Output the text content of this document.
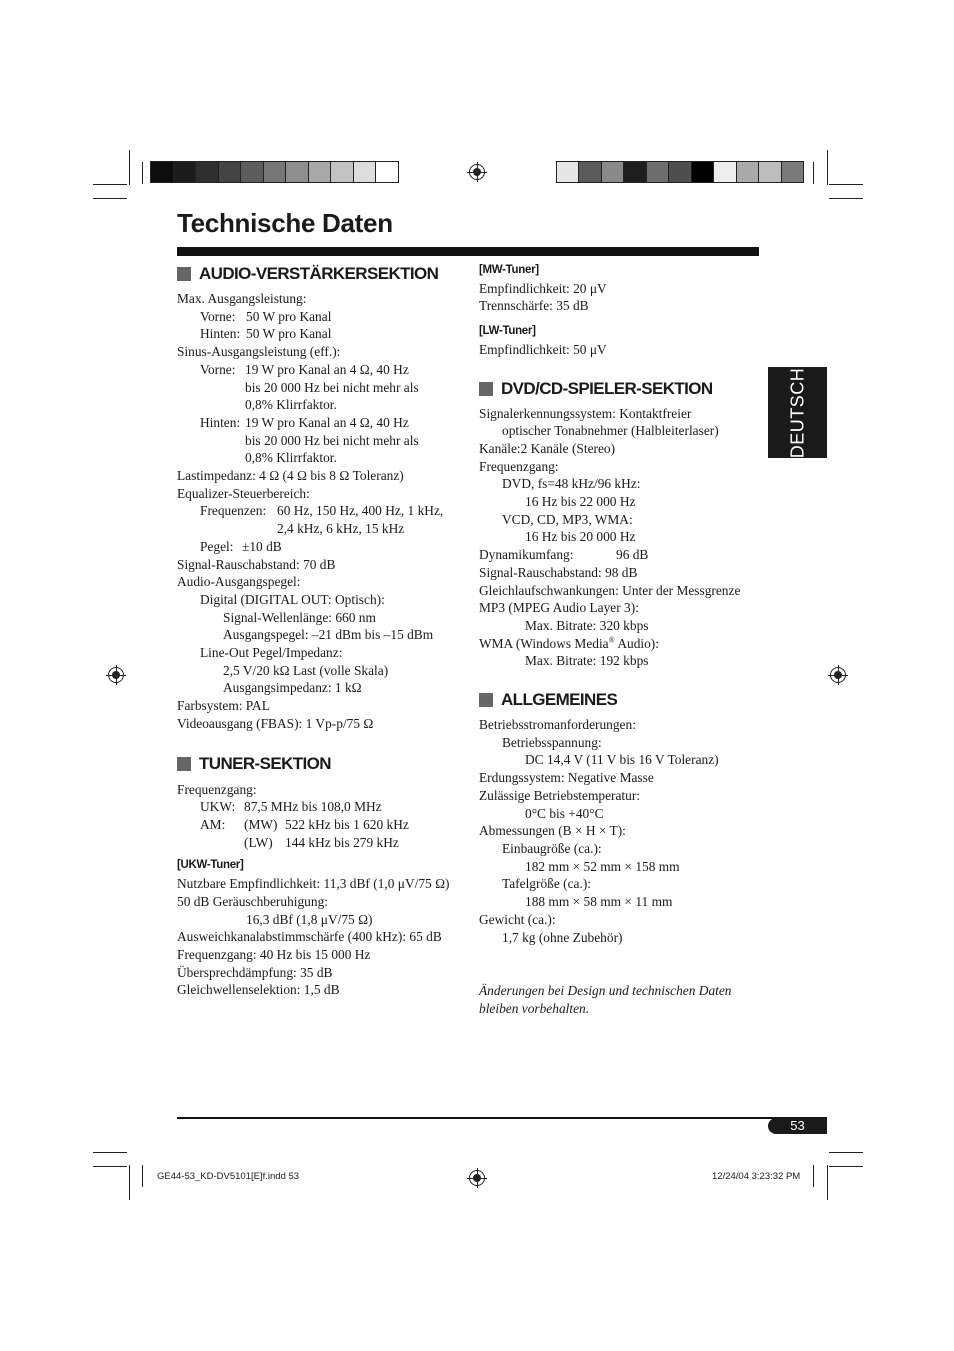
Technische Daten
DEUTSCH

AUDIO-VERSTÄRKERSEKTION

Max. Ausgangsleistung:

Vorne: 50 W pro Kanal

Hinten: 50 W pro Kanal

Sinus-Ausgangsleistung (eff.):

Vorne: 19 W pro Kanal an 4 Ω, 40 Hz

bis 20 000 Hz bei nicht mehr als

0,8% Klirrfaktor.

Hinten: 19 W pro Kanal an 4 Ω, 40 Hz

bis 20 000 Hz bei nicht mehr als

0,8% Klirrfaktor.

Lastimpedanz: 4 Ω (4 Ω bis 8 Ω Toleranz)

Equalizer-Steuerbereich:

Frequenzen: 60 Hz, 150 Hz, 400 Hz, 1 kHz,

2,4 kHz, 6 kHz, 15 kHz

Pegel: ±10 dB

Signal-Rauschabstand: 70 dB

Audio-Ausgangspegel:

Digital (DIGITAL OUT: Optisch):

Signal-Wellenlänge: 660 nm

Ausgangspegel: –21 dBm bis –15 dBm

Line-Out Pegel/Impedanz:

2,5 V/20 kΩ Last (volle Skala)

Ausgangsimpedanz: 1 kΩ

Farbsystem: PAL

Videoausgang (FBAS): 1 Vp-p/75 Ω

TUNER-SEKTION

Frequenzgang:

UKW: 87,5 MHz bis 108,0 MHz

AM: (MW) 522 kHz bis 1 620 kHz

(LW) 144 kHz bis 279 kHz

[UKW-Tuner]

Nutzbare Empfindlichkeit: 11,3 dBf (1,0 μV/75 Ω)

50 dB Geräuschberuhigung:

16,3 dBf (1,8 μV/75 Ω)

Ausweichkanalabstimmschärfe (400 kHz): 65 dB

Frequenzgang: 40 Hz bis 15 000 Hz

Übersprechdämpfung: 35 dB

Gleichwellenselektion: 1,5 dB

[MW-Tuner]

Empfindlichkeit: 20 μV

Trennschärfe: 35 dB

[LW-Tuner]

Empfindlichkeit: 50 μV

DVD/CD-SPIELER-SEKTION

Signalerkennungssystem: Kontaktfreier

optischer Tonabnehmer (Halbleiterlaser)

Kanäle:2 Kanäle (Stereo)

Frequenzgang:

DVD, fs=48 kHz/96 kHz:

16 Hz bis 22 000 Hz

VCD, CD, MP3, WMA:

16 Hz bis 20 000 Hz

Dynamikumfang:	96 dB

Signal-Rauschabstand: 98 dB

Gleichlaufschwankungen: Unter der Messgrenze

MP3 (MPEG Audio Layer 3):

Max. Bitrate: 320 kbps

WMA (Windows Media® Audio):

Max. Bitrate: 192 kbps

ALLGEMEINES

Betriebsstromanforderungen:

Betriebsspannung:

DC 14,4 V (11 V bis 16 V Toleranz)

Erdungssystem: Negative Masse

Zulässige Betriebstemperatur:

0°C bis +40°C

Abmessungen (B × H × T):

Einbaugröße (ca.):

182 mm × 52 mm × 158 mm

Tafelgröße (ca.):

188 mm × 58 mm × 11 mm

Gewicht (ca.):

1,7 kg (ohne Zubehör)

Änderungen bei Design und technischen Daten

bleiben vorbehalten.

53
GE44-53_KD-DV5101[E]f.indd 53	12/24/04 3:23:32 PM
